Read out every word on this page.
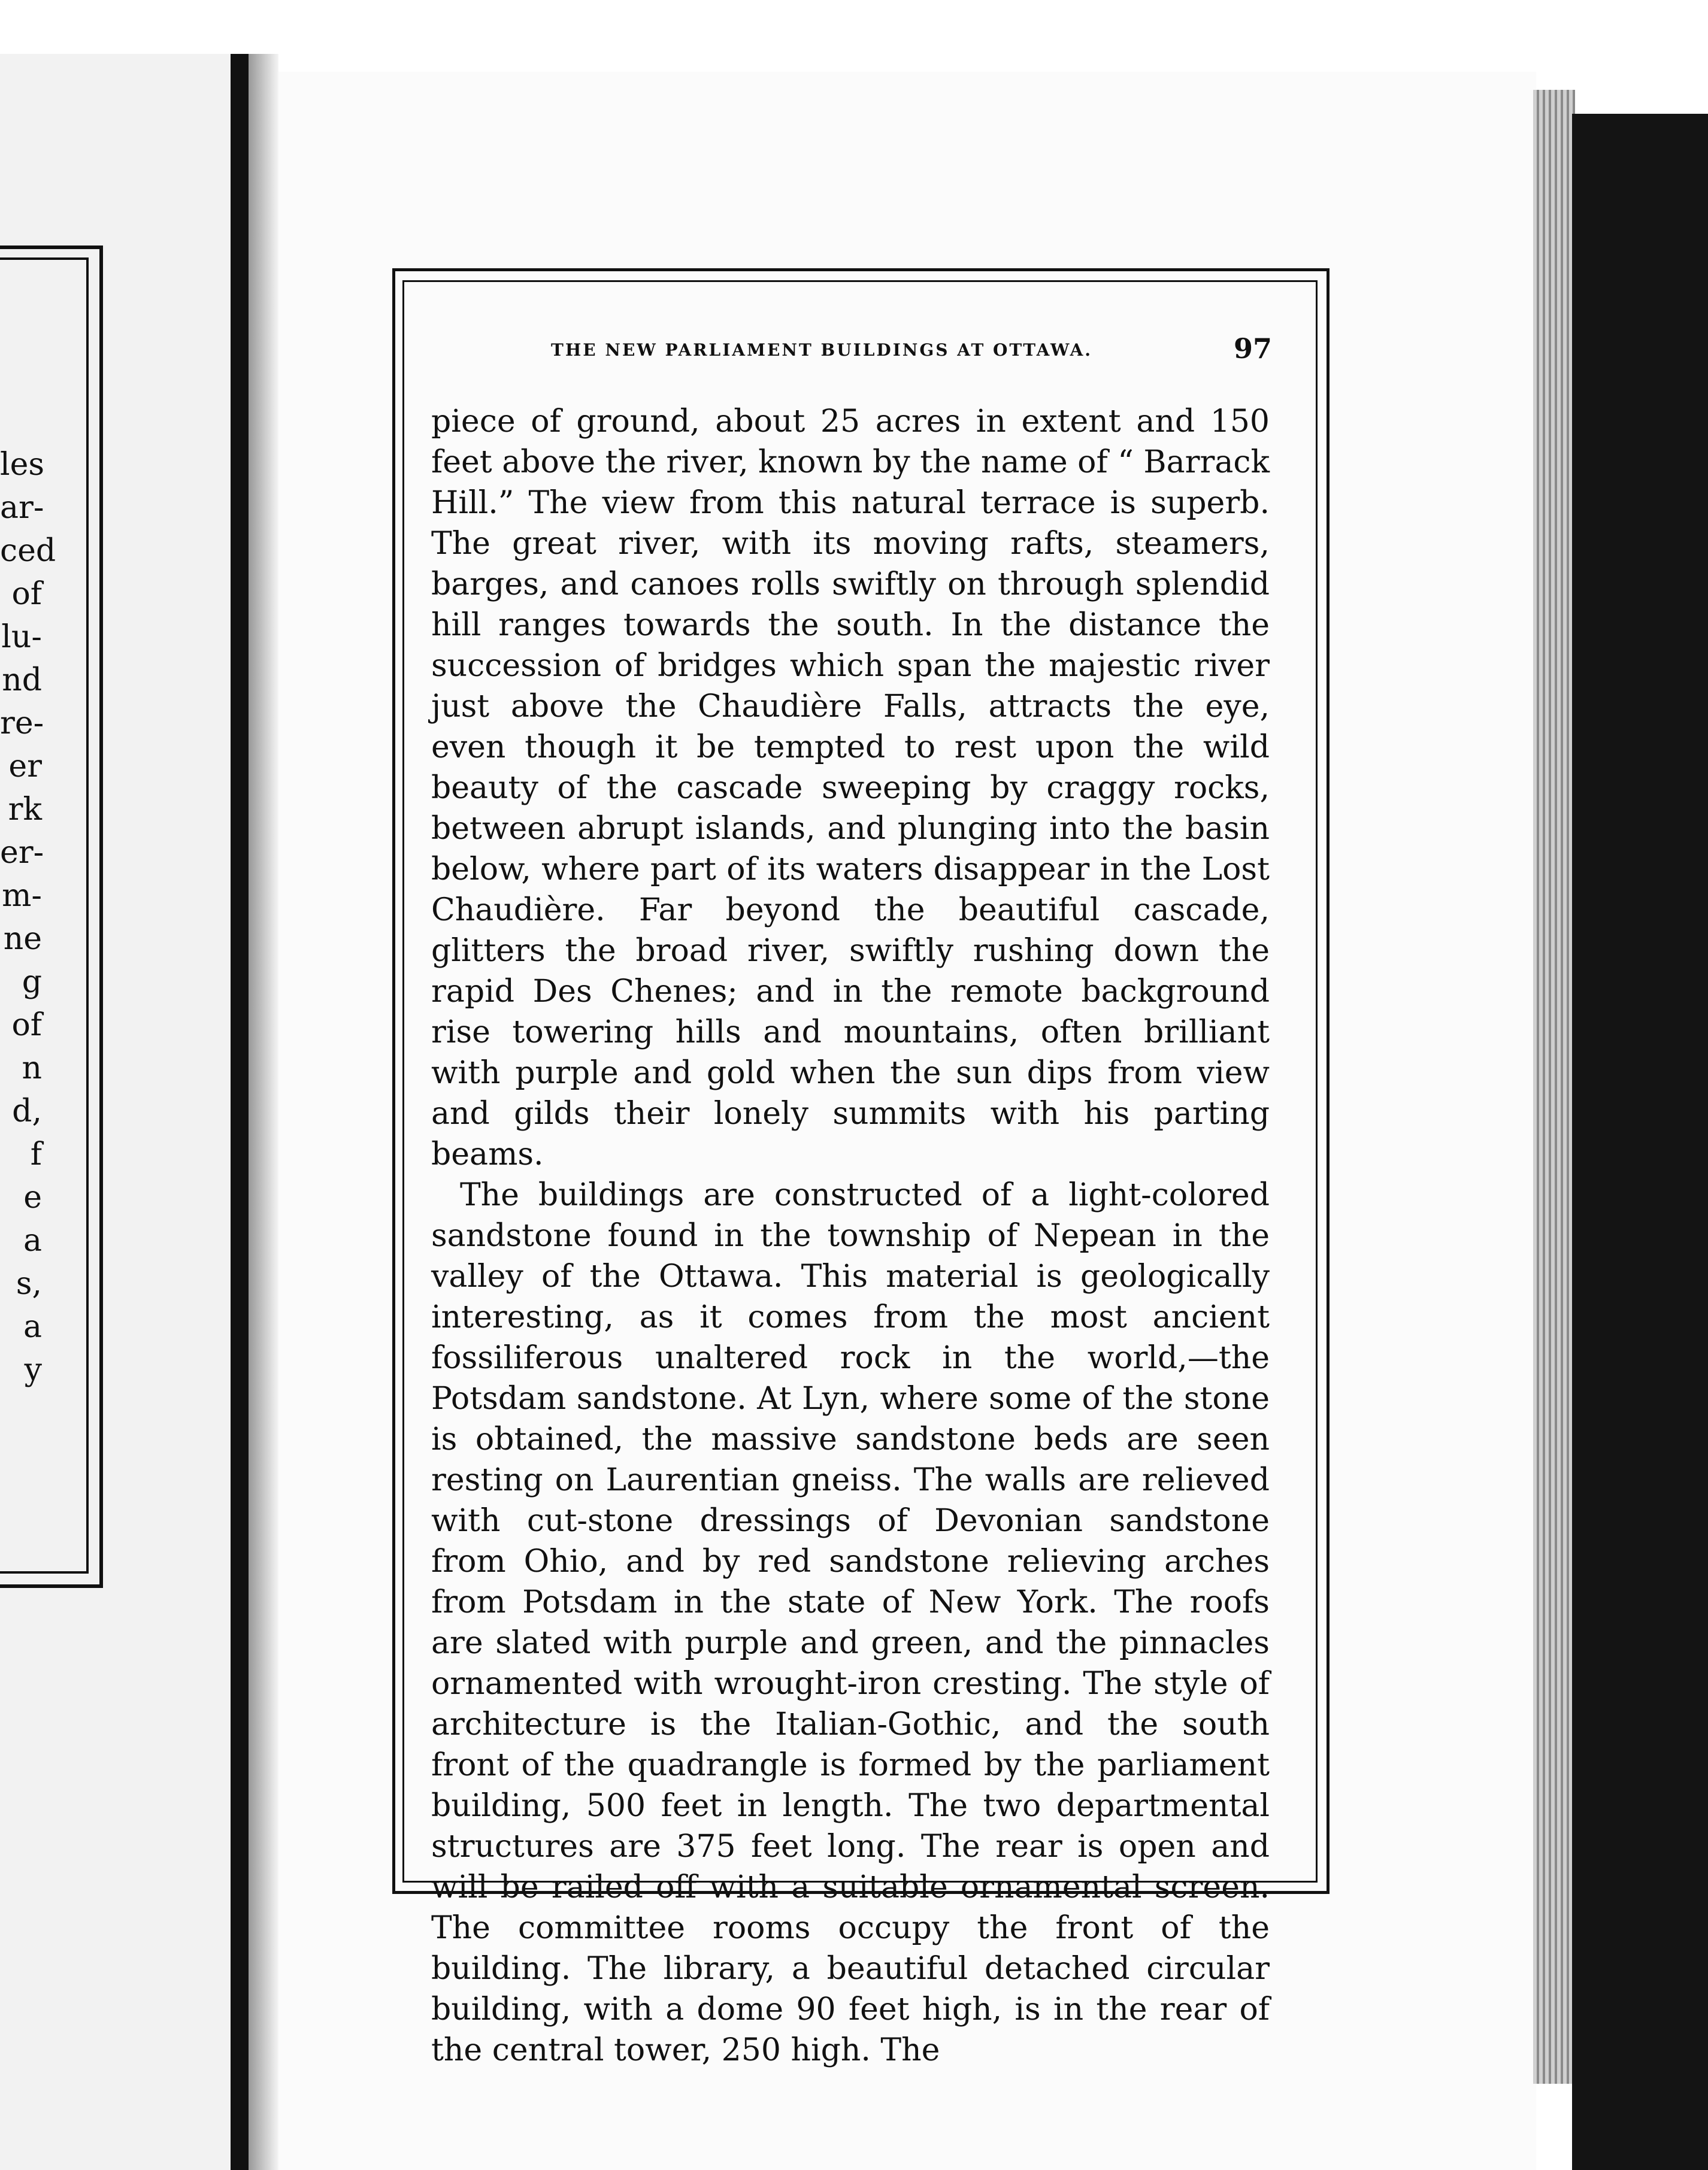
les
ar-
ced
of
lu-
nd
re-
er
rk
er-
m-
ne
g
of
n
d,
f
e
a
s,
a
y
THE NEW PARLIAMENT BUILDINGS AT OTTAWA.	97

piece of ground, about 25 acres in extent and 150 feet above the river, known by the name of “ Barrack Hill.” The view from this natural terrace is superb. The great river, with its moving rafts, steamers, barges, and canoes rolls swiftly on through splendid hill ranges towards the south. In the distance the succession of bridges which span the majestic river just above the Chaudière Falls, attracts the eye, even though it be tempted to rest upon the wild beauty of the cascade sweeping by craggy rocks, between abrupt islands, and plunging into the basin below, where part of its waters disappear in the Lost Chaudière. Far beyond the beautiful cascade, glitters the broad river, swiftly rushing down the rapid Des Chenes; and in the remote background rise towering hills and mountains, often brilliant with purple and gold when the sun dips from view and gilds their lonely summits with his parting beams.

The buildings are constructed of a light-colored sandstone found in the township of Nepean in the valley of the Ottawa. This material is geologically interesting, as it comes from the most ancient fossiliferous unaltered rock in the world,—the Potsdam sandstone. At Lyn, where some of the stone is obtained, the massive sandstone beds are seen resting on Laurentian gneiss. The walls are relieved with cut-stone dressings of Devonian sandstone from Ohio, and by red sandstone relieving arches from Potsdam in the state of New York. The roofs are slated with purple and green, and the pinnacles ornamented with wrought-iron cresting. The style of architecture is the Italian-Gothic, and the south front of the quadrangle is formed by the parliament building, 500 feet in length. The two departmental structures are 375 feet long. The rear is open and will be railed off with a suitable ornamental screen. The committee rooms occupy the front of the building. The library, a beautiful detached circular building, with a dome 90 feet high, is in the rear of the central tower, 250 high. The
